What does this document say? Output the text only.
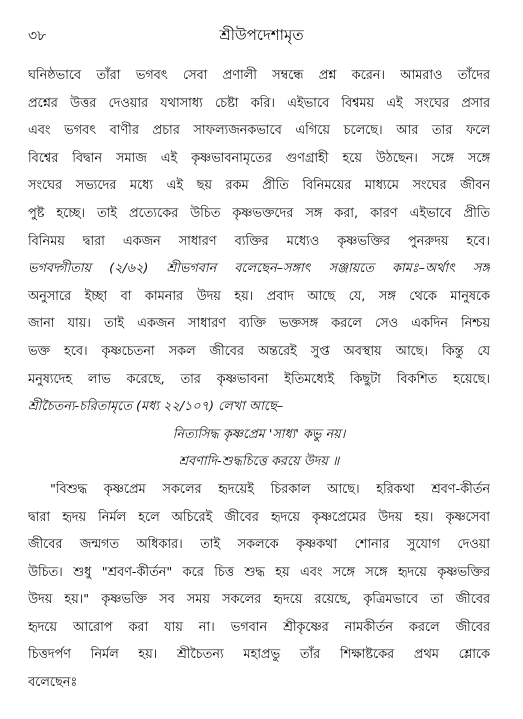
৩৮	শ্রীউপদেশামৃত
ঘনিষ্ঠভাবে তাঁরা ভগবৎ সেবা প্রণালী সম্বন্ধে প্রশ্ন করেন। আমরাও তাঁদের
প্রশ্নের উত্তর দেওয়ার যথাসাধ্য চেষ্টা করি। এইভাবে বিশ্বময় এই সংঘের প্রসার
এবং ভগবৎ বাণীর প্রচার সাফল্যজনকভাবে এগিয়ে চলেছে। আর তার ফলে
বিশ্বের বিদ্বান সমাজ এই কৃষ্ণভাবনামৃতের গুণগ্রাহী হয়ে উঠছেন। সঙ্গে সঙ্গে
সংঘের সভ্যদের মধ্যে এই ছয় রকম প্রীতি বিনিময়ের মাধ্যমে সংঘের জীবন
পুষ্ট হচ্ছে। তাই প্রত্যেকের উচিত কৃষ্ণভক্তদের সঙ্গ করা, কারণ এইভাবে প্রীতি
বিনিময় দ্বারা একজন সাধারণ ব্যক্তির মধ্যেও কৃষ্ণভক্তির পুনরুদয় হবে।
ভগবদ্গীতায় (২/৬২) শ্রীভগবান বলেছেন–সঙ্গাৎ সঞ্জায়তে কামঃ–অর্থাৎ সঙ্গ
অনুসারে ইচ্ছা বা কামনার উদয় হয়। প্রবাদ আছে যে, সঙ্গ থেকে মানুষকে
জানা যায়। তাই একজন সাধারণ ব্যক্তি ভক্তসঙ্গ করলে সেও একদিন নিশ্চয়
ভক্ত হবে। কৃষ্ণচেতনা সকল জীবের অন্তরেই সুপ্ত অবস্থায় আছে। কিন্তু যে
মনুষ্যদেহ লাভ করেছে, তার কৃষ্ণভাবনা ইতিমধ্যেই কিছুটা বিকশিত হয়েছে।
শ্রীচৈতন্য-চরিতামৃতে (মধ্য ২২/১০৭) লেখা আছে–
নিত্যসিদ্ধ কৃষ্ণপ্রেম 'সাধ্য' কভু নয়।
শ্রবণাদি-শুদ্ধচিত্তে করয়ে উদয় ॥
"বিশুদ্ধ কৃষ্ণপ্রেম সকলের হৃদয়েই চিরকাল আছে। হরিকথা শ্রবণ-কীর্তন
দ্বারা হৃদয় নির্মল হলে অচিরেই জীবের হৃদয়ে কৃষ্ণপ্রেমের উদয় হয়। কৃষ্ণসেবা
জীবের জন্মগত অধিকার। তাই সকলকে কৃষ্ণকথা শোনার সুযোগ দেওয়া
উচিত। শুধু "শ্রবণ-কীর্তন" করে চিত্ত শুদ্ধ হয় এবং সঙ্গে সঙ্গে হৃদয়ে কৃষ্ণভক্তির
উদয় হয়।" কৃষ্ণভক্তি সব সময় সকলের হৃদয়ে রয়েছে, কৃত্রিমভাবে তা জীবের
হৃদয়ে আরোপ করা যায় না। ভগবান শ্রীকৃষ্ণের নামকীর্তন করলে জীবের
চিত্তদর্পণ নির্মল হয়। শ্রীচৈতন্য মহাপ্রভু তাঁর শিক্ষাষ্টকের প্রথম শ্লোকে
বলেছেনঃ
